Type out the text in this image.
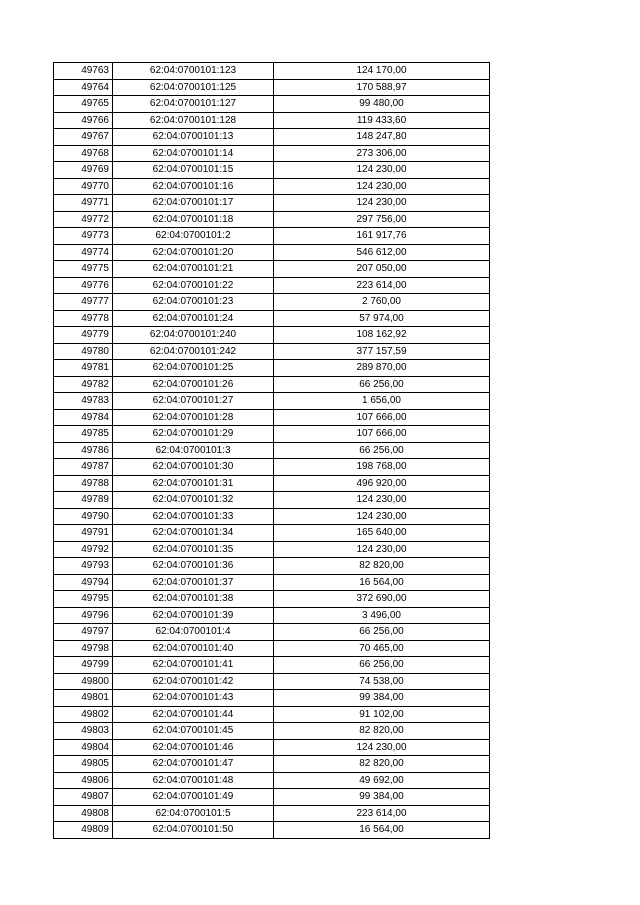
49763	62:04:0700101:123	124 170,00
49764	62:04:0700101:125	170 588,97
49765	62:04:0700101:127	99 480,00
49766	62:04:0700101:128	119 433,60
49767	62:04:0700101:13	148 247,80
49768	62:04:0700101:14	273 306,00
49769	62:04:0700101:15	124 230,00
49770	62:04:0700101:16	124 230,00
49771	62:04:0700101:17	124 230,00
49772	62:04:0700101:18	297 756,00
49773	62:04:0700101:2	161 917,76
49774	62:04:0700101:20	546 612,00
49775	62:04:0700101:21	207 050,00
49776	62:04:0700101:22	223 614,00
49777	62:04:0700101:23	2 760,00
49778	62:04:0700101:24	57 974,00
49779	62:04:0700101:240	108 162,92
49780	62:04:0700101:242	377 157,59
49781	62:04:0700101:25	289 870,00
49782	62:04:0700101:26	66 256,00
49783	62:04:0700101:27	1 656,00
49784	62:04:0700101:28	107 666,00
49785	62:04:0700101:29	107 666,00
49786	62:04:0700101:3	66 256,00
49787	62:04:0700101:30	198 768,00
49788	62:04:0700101:31	496 920,00
49789	62:04:0700101:32	124 230,00
49790	62:04:0700101:33	124 230,00
49791	62:04:0700101:34	165 640,00
49792	62:04:0700101:35	124 230,00
49793	62:04:0700101:36	82 820,00
49794	62:04:0700101:37	16 564,00
49795	62:04:0700101:38	372 690,00
49796	62:04:0700101:39	3 496,00
49797	62:04:0700101:4	66 256,00
49798	62:04:0700101:40	70 465,00
49799	62:04:0700101:41	66 256,00
49800	62:04:0700101:42	74 538,00
49801	62:04:0700101:43	99 384,00
49802	62:04:0700101:44	91 102,00
49803	62:04:0700101:45	82 820,00
49804	62:04:0700101:46	124 230,00
49805	62:04:0700101:47	82 820,00
49806	62:04:0700101:48	49 692,00
49807	62:04:0700101:49	99 384,00
49808	62:04:0700101:5	223 614,00
49809	62:04:0700101:50	16 564,00
